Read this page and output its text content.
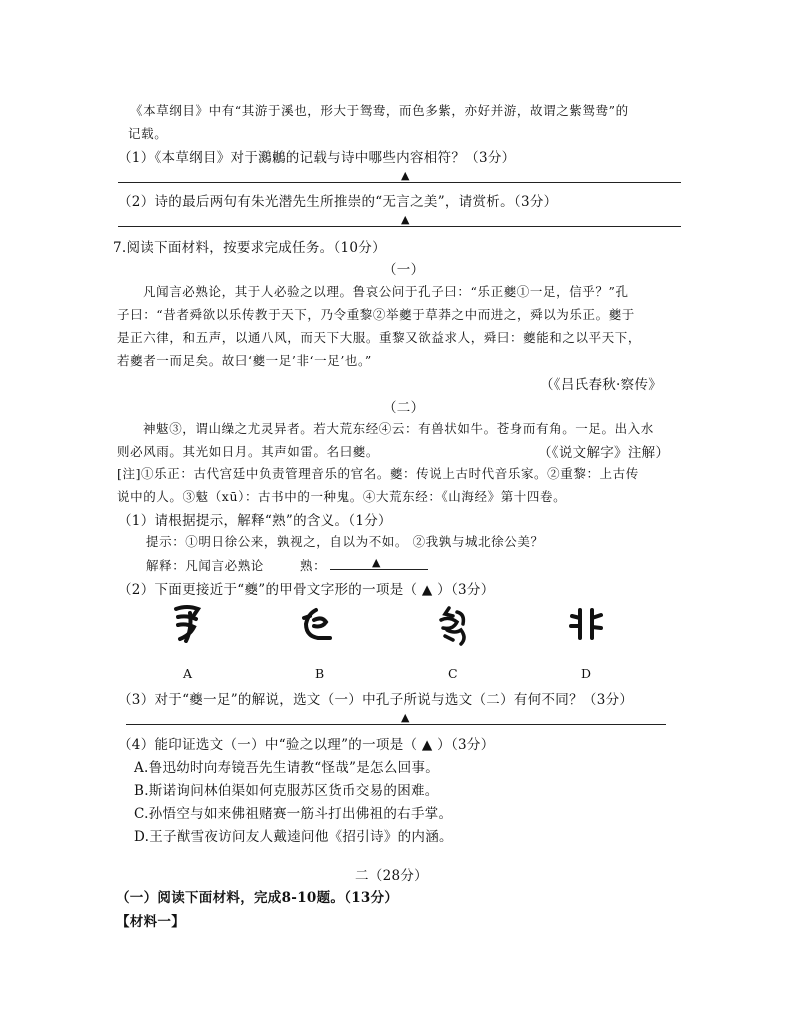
《本草纲目》中有“其游于溪也，形大于鸳鸯，而色多紫，亦好并游，故谓之紫鸳鸯”的
记载。
（1）《本草纲目》对于鸂鶒的记载与诗中哪些内容相符？（3分）
▲
（2）诗的最后两句有朱光潜先生所推崇的“无言之美”，请赏析。（3分）
▲
7.阅读下面材料，按要求完成任务。（10分）
（一）
凡闻言必熟论，其于人必验之以理。鲁哀公问于孔子曰：“乐正夔①一足，信乎？”孔
子曰：“昔者舜欲以乐传教于天下，乃令重黎②举夔于草莽之中而进之，舜以为乐正。夔于
是正六律，和五声，以通八风，而天下大服。重黎又欲益求人，舜曰：夔能和之以平天下，
若夔者一而足矣。故曰‘夔一足’非‘一足’也。”
（《吕氏春秋·察传》
（二）
神鬾③，谓山缲之尤灵异者。若大荒东经④云：有兽状如牛。苍身而有角。一足。出入水
则必风雨。其光如日月。其声如雷。名曰夔。	（《说文解字》注解）
[注]①乐正：古代宫廷中负责管理音乐的官名。夔：传说上古时代音乐家。②重黎：上古传
说中的人。③鬾（xū）：古书中的一种鬼。④大荒东经：《山海经》第十四卷。
（1）请根据提示，解释“熟”的含义。（1分）
提示：①明日徐公来，孰视之，自以为不如。 ②我孰与城北徐公美？
解释：凡闻言必熟论	熟：	▲
（2）下面更接近于“夔”的甲骨文字形的一项是（ ▲ ）（3分）
A	B	C	D
（3）对于“夔一足”的解说，选文（一）中孔子所说与选文（二）有何不同？（3分）
▲
（4）能印证选文（一）中“验之以理”的一项是（ ▲ ）（3分）
A.鲁迅幼时向寿镜吾先生请教“怪哉”是怎么回事。
B.斯诺询问林伯渠如何克服苏区货币交易的困难。
C.孙悟空与如来佛祖赌赛一筋斗打出佛祖的右手掌。
D.王子猷雪夜访问友人戴逵问他《招引诗》的内涵。
二（28分）
（一）阅读下面材料，完成8-10题。（13分）
【材料一】
